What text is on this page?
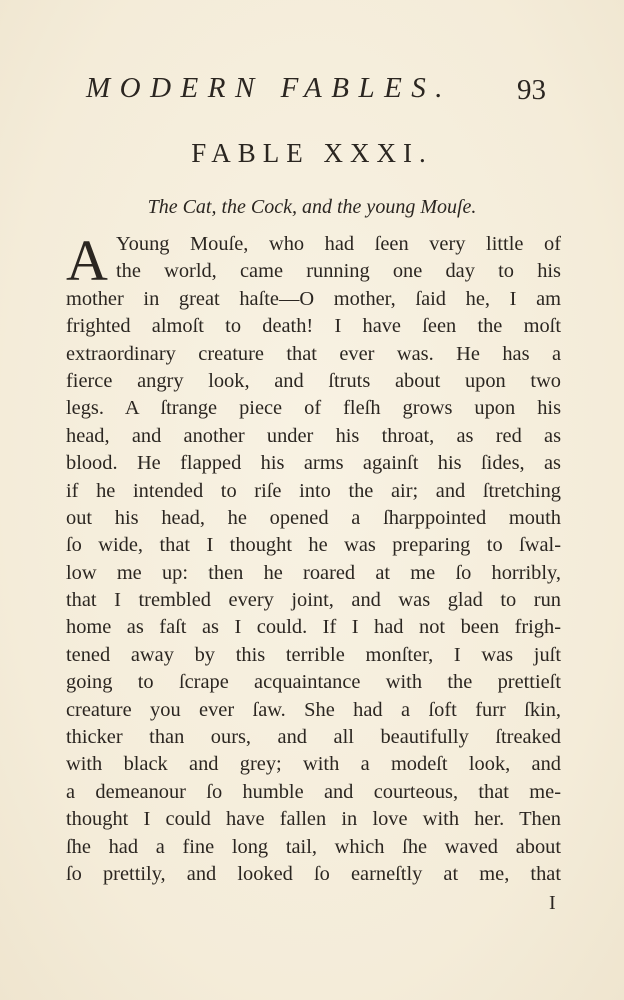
MODERN FABLES. 93
FABLE XXXI.
The Cat, the Cock, and the young Mouſe.
A Young Mouſe, who had ſeen very little of
the world, came running one day to his
mother in great haſte—O mother, ſaid he, I am
frighted almoſt to death! I have ſeen the moſt
extraordinary creature that ever was. He has a
fierce angry look, and ſtruts about upon two
legs. A ſtrange piece of fleſh grows upon his
head, and another under his throat, as red as
blood. He flapped his arms againſt his ſides, as
if he intended to riſe into the air; and ſtretching
out his head, he opened a ſharppointed mouth
ſo wide, that I thought he was preparing to ſwal-
low me up: then he roared at me ſo horribly,
that I trembled every joint, and was glad to run
home as faſt as I could. If I had not been frigh-
tened away by this terrible monſter, I was juſt
going to ſcrape acquaintance with the prettieſt
creature you ever ſaw. She had a ſoft furr ſkin,
thicker than ours, and all beautifully ſtreaked
with black and grey; with a modeſt look, and
a demeanour ſo humble and courteous, that me-
thought I could have fallen in love with her. Then
ſhe had a fine long tail, which ſhe waved about
ſo prettily, and looked ſo earneſtly at me, that
I
